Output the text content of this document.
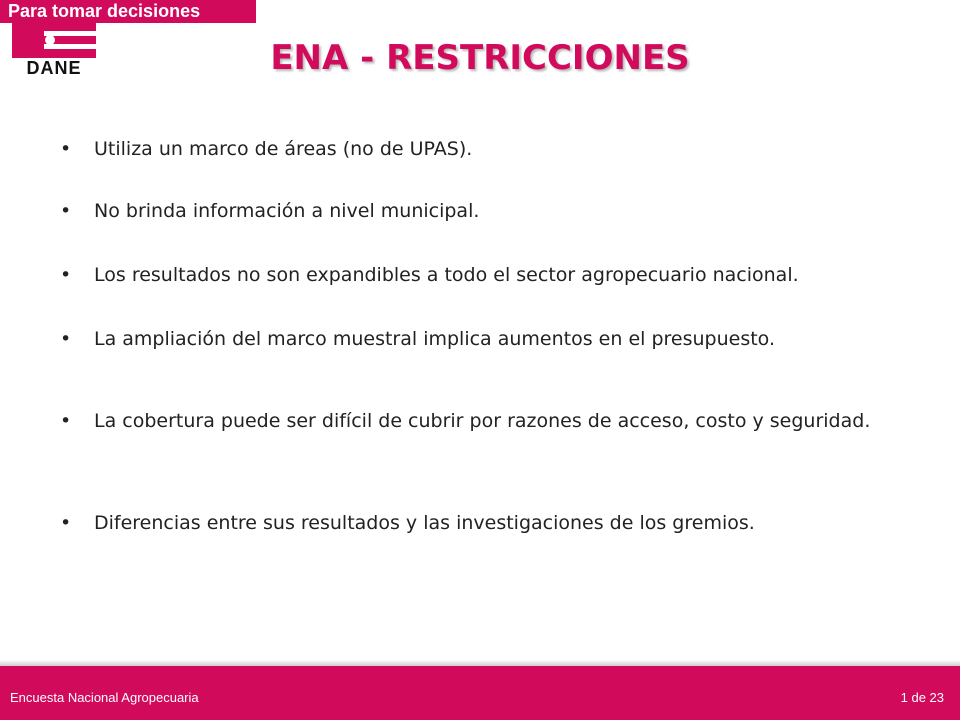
Para tomar decisiones
DANE	ENA - RESTRICCIONES
•	Utiliza un marco de áreas (no de UPAS).
•	No brinda información a nivel municipal.
•	Los resultados no son expandibles a todo el sector agropecuario nacional.
•	La ampliación del marco muestral implica aumentos en el presupuesto.
•	La cobertura puede ser difícil de cubrir por razones de acceso, costo y seguridad.
•	Diferencias entre sus resultados y las investigaciones de los gremios.
Encuesta Nacional Agropecuaria	1 de 23
